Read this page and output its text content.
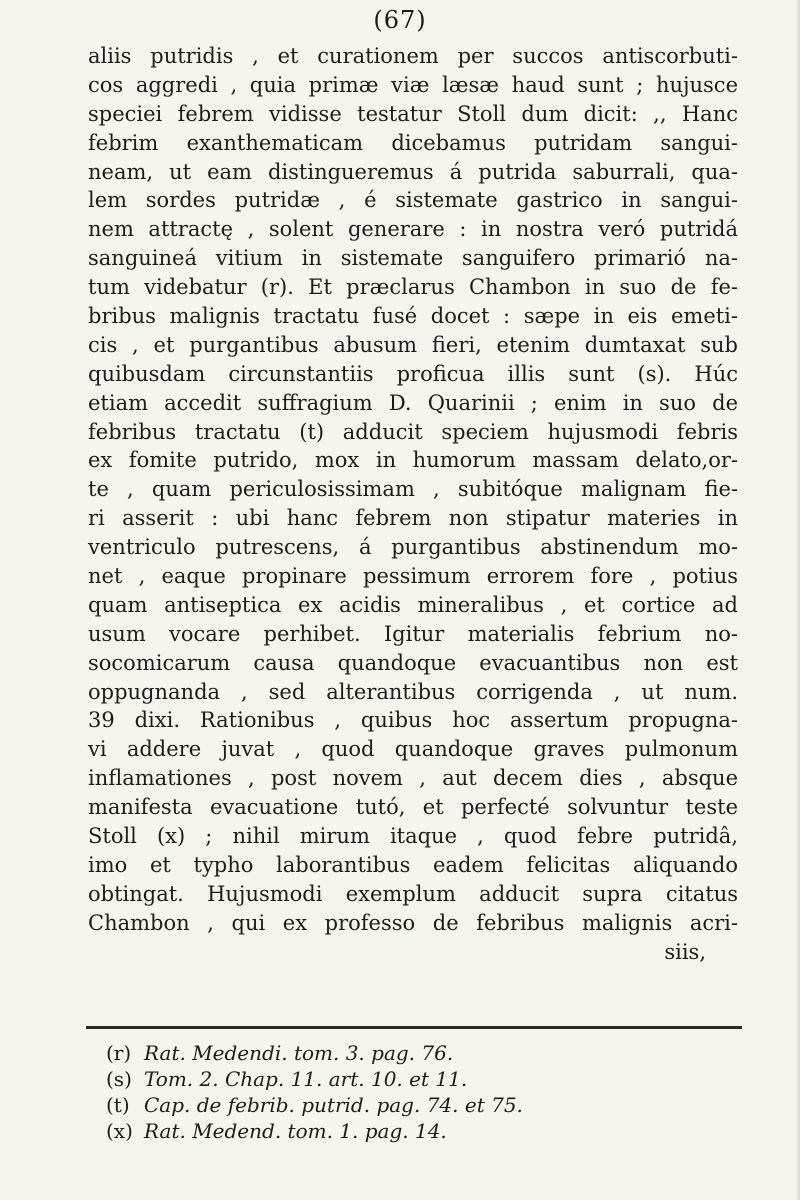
(67)
aliis putridis , et curationem per succos antiscorbuti-
cos aggredi , quia primæ viæ læsæ haud sunt ; hujusce
speciei febrem vidisse testatur Stoll dum dicit: ,, Hanc
febrim exanthematicam dicebamus putridam sangui-
neam, ut eam distingueremus á putrida saburrali, qua-
lem sordes putridæ , é sistemate gastrico in sangui-
nem attractę , solent generare : in nostra veró putridá
sanguineá vitium in sistemate sanguifero primarió na-
tum videbatur (r). Et præclarus Chambon in suo de fe-
bribus malignis tractatu fusé docet : sæpe in eis emeti-
cis , et purgantibus abusum fieri, etenim dumtaxat sub
quibusdam circunstantiis proficua illis sunt (s). Húc
etiam accedit suffragium D. Quarinii ; enim in suo de
febribus tractatu (t) adducit speciem hujusmodi febris
ex fomite putrido, mox in humorum massam delato,or-
te , quam periculosissimam , subitóque malignam fie-
ri asserit : ubi hanc febrem non stipatur materies in
ventriculo putrescens, á purgantibus abstinendum mo-
net , eaque propinare pessimum errorem fore , potius
quam antiseptica ex acidis mineralibus , et cortice ad
usum vocare perhibet. Igitur materialis febrium no-
socomicarum causa quandoque evacuantibus non est
oppugnanda , sed alterantibus corrigenda , ut num.
39 dixi. Rationibus , quibus hoc assertum propugna-
vi addere juvat , quod quandoque graves pulmonum
inflamationes , post novem , aut decem dies , absque
manifesta evacuatione tutó, et perfecté solvuntur teste
Stoll (x) ; nihil mirum itaque , quod febre putridâ,
imo et typho laborantibus eadem felicitas aliquando
obtingat. Hujusmodi exemplum adducit supra citatus
Chambon , qui ex professo de febribus malignis acri-
siis,
(r) Rat. Medendi. tom. 3. pag. 76.
(s) Tom. 2. Chap. 11. art. 10. et 11.
(t) Cap. de febrib. putrid. pag. 74. et 75.
(x) Rat. Medend. tom. 1. pag. 14.
